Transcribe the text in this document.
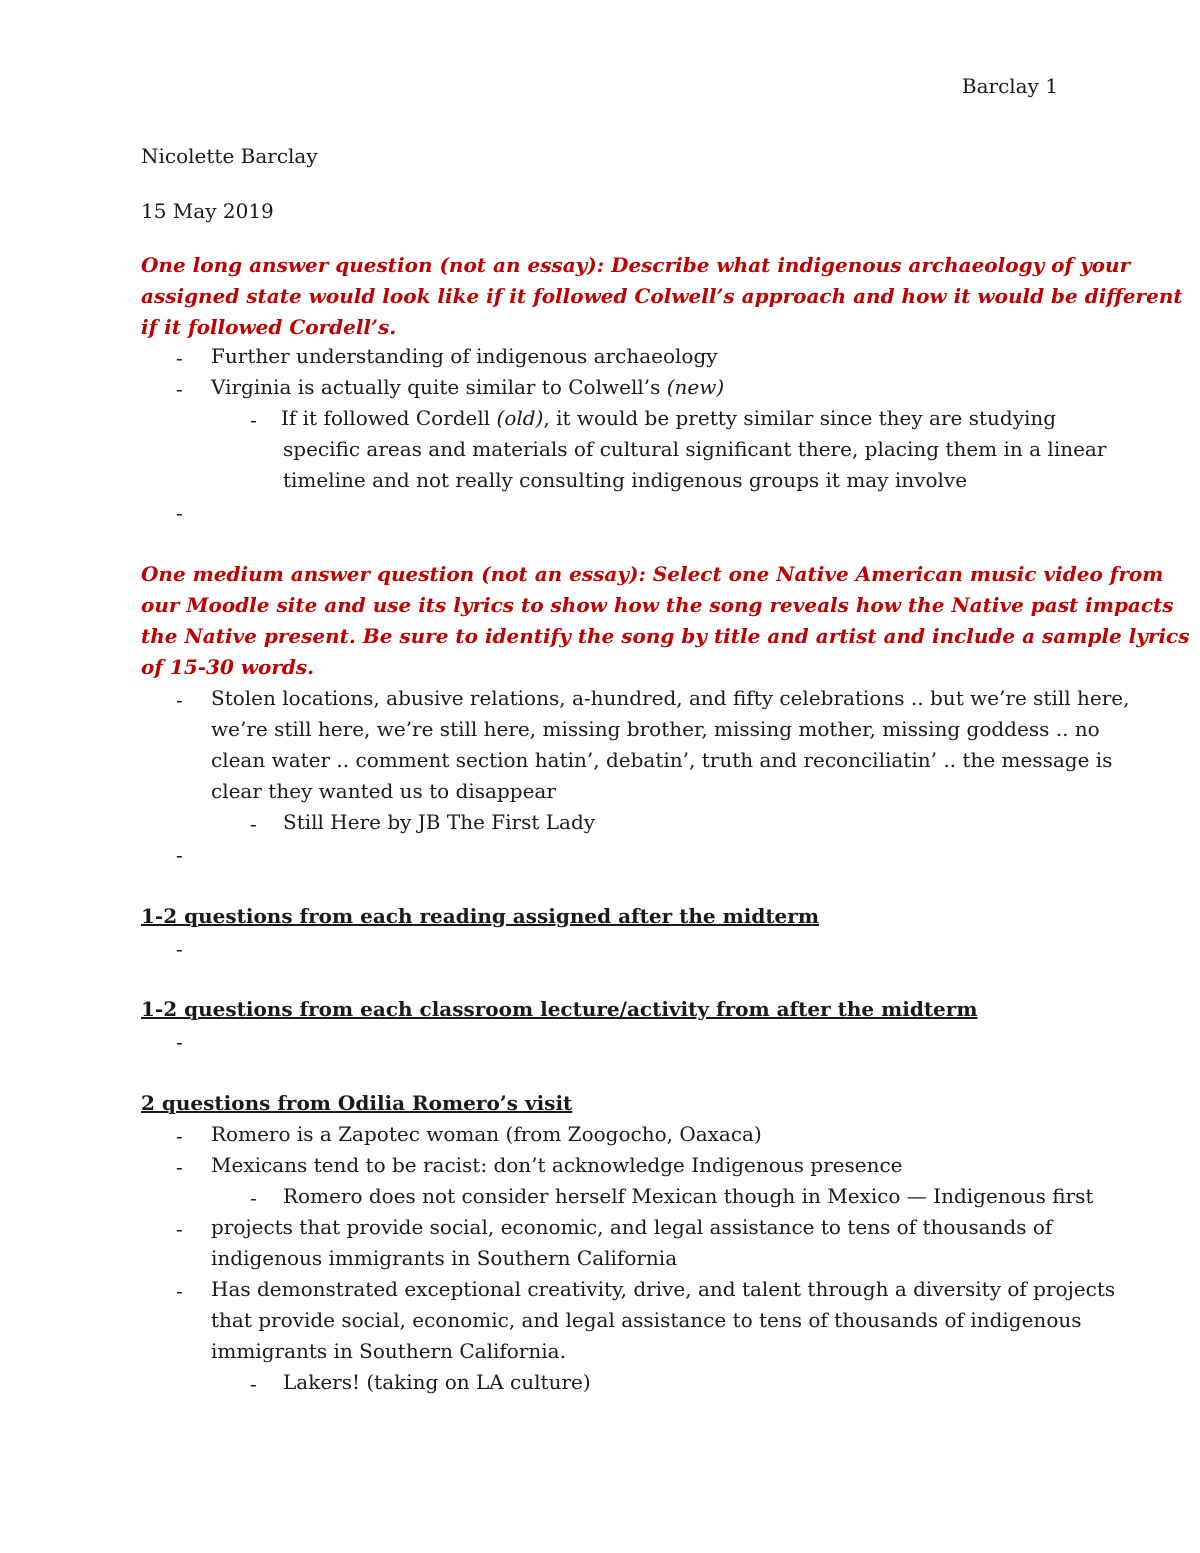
Barclay 1
Nicolette Barclay
15 May 2019
One long answer question (not an essay): Describe what indigenous archaeology of your
assigned state would look like if it followed Colwell’s approach and how it would be different
if it followed Cordell’s.
- Further understanding of indigenous archaeology
- Virginia is actually quite similar to Colwell’s (new)
- If it followed Cordell (old), it would be pretty similar since they are studying
specific areas and materials of cultural significant there, placing them in a linear
timeline and not really consulting indigenous groups it may involve
-
One medium answer question (not an essay): Select one Native American music video from
our Moodle site and use its lyrics to show how the song reveals how the Native past impacts
the Native present. Be sure to identify the song by title and artist and include a sample lyrics
of 15-30 words.
- Stolen locations, abusive relations, a-hundred, and fifty celebrations .. but we’re still here,
we’re still here, we’re still here, missing brother, missing mother, missing goddess .. no
clean water .. comment section hatin’, debatin’, truth and reconciliatin’ .. the message is
clear they wanted us to disappear
- Still Here by JB The First Lady
-
1-2 questions from each reading assigned after the midterm
-
1-2 questions from each classroom lecture/activity from after the midterm
-
2 questions from Odilia Romero’s visit
- Romero is a Zapotec woman (from Zoogocho, Oaxaca)
- Mexicans tend to be racist: don’t acknowledge Indigenous presence
- Romero does not consider herself Mexican though in Mexico — Indigenous first
- projects that provide social, economic, and legal assistance to tens of thousands of
indigenous immigrants in Southern California
- Has demonstrated exceptional creativity, drive, and talent through a diversity of projects
that provide social, economic, and legal assistance to tens of thousands of indigenous
immigrants in Southern California.
- Lakers! (taking on LA culture)
